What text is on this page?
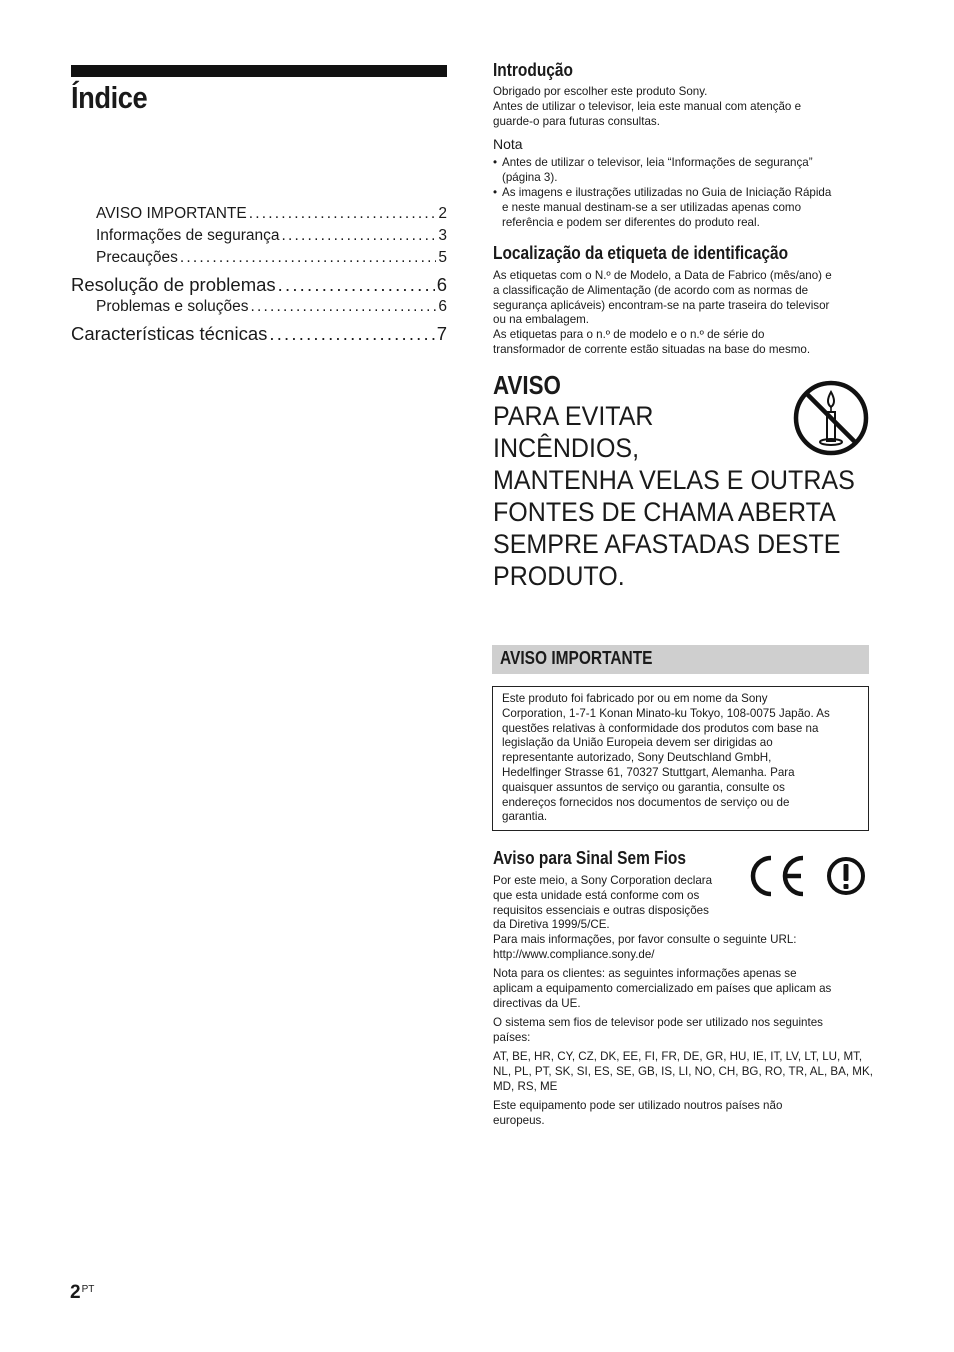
Índice
AVISO IMPORTANTE .....	2
Informações de segurança .....	3
Precauções .....	5
Resolução de problemas .....	6
Problemas e soluções .....	6
Características técnicas .....	7
Introdução
Obrigado por escolher este produto Sony.
Antes de utilizar o televisor, leia este manual com atenção e
guarde-o para futuras consultas.
Nota
• Antes de utilizar o televisor, leia “Informações de segurança”
(página 3).
• As imagens e ilustrações utilizadas no Guia de Iniciação Rápida
e neste manual destinam-se a ser utilizadas apenas como
referência e podem ser diferentes do produto real.
Localização da etiqueta de identificação
As etiquetas com o N.º de Modelo, a Data de Fabrico (mês/ano) e
a classificação de Alimentação (de acordo com as normas de
segurança aplicáveis) encontram-se na parte traseira do televisor
ou na embalagem.
As etiquetas para o n.º de modelo e o n.º de série do
transformador de corrente estão situadas na base do mesmo.
AVISO
PARA EVITAR
INCÊNDIOS,
MANTENHA VELAS E OUTRAS
FONTES DE CHAMA ABERTA
SEMPRE AFASTADAS DESTE
PRODUTO.
AVISO IMPORTANTE
Este produto foi fabricado por ou em nome da Sony
Corporation, 1-7-1 Konan Minato-ku Tokyo, 108-0075 Japão. As
questões relativas à conformidade dos produtos com base na
legislação da União Europeia devem ser dirigidas ao
representante autorizado, Sony Deutschland GmbH,
Hedelfinger Strasse 61, 70327 Stuttgart, Alemanha. Para
quaisquer assuntos de serviço ou garantia, consulte os
endereços fornecidos nos documentos de serviço ou de
garantia.
Aviso para Sinal Sem Fios
Por este meio, a Sony Corporation declara
que esta unidade está conforme com os
requisitos essenciais e outras disposições
da Diretiva 1999/5/CE.
Para mais informações, por favor consulte o seguinte URL:
http://www.compliance.sony.de/
Nota para os clientes: as seguintes informações apenas se
aplicam a equipamento comercializado em países que aplicam as
directivas da UE.
O sistema sem fios de televisor pode ser utilizado nos seguintes
países:
AT, BE, HR, CY, CZ, DK, EE, FI, FR, DE, GR, HU, IE, IT, LV, LT, LU, MT,
NL, PL, PT, SK, SI, ES, SE, GB, IS, LI, NO, CH, BG, RO, TR, AL, BA, MK,
MD, RS, ME
Este equipamento pode ser utilizado noutros países não
europeus.
$2^{PT}$
